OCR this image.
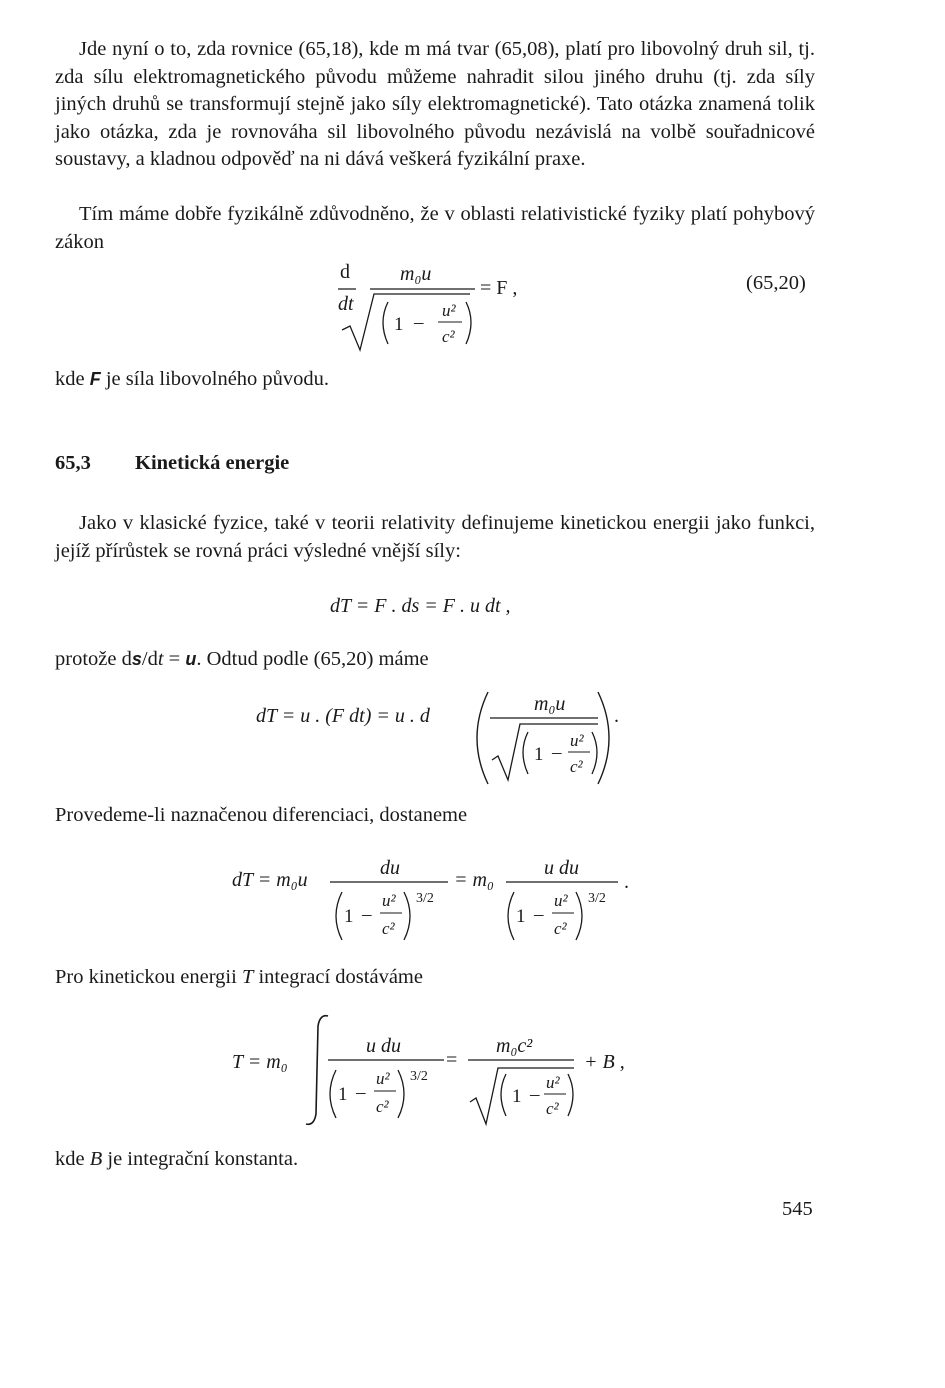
Jde nyní o to, zda rovnice (65,18), kde m má tvar (65,08), platí pro libovolný druh sil, tj. zda sílu elektromagnetického původu můžeme nahradit silou jiného druhu (tj. zda síly jiných druhů se transformují stejně jako síly elektromagnetické). Tato otázka znamená tolik jako otázka, zda je rovnováha sil libovolného původu nezávislá na volbě souřadnicové soustavy, a kladnou odpověď na ni dává veškerá fyzikální praxe.

Tím máme dobře fyzikálně zdůvodněno, že v oblasti relativistické fyziky platí pohybový zákon

d
dt
m₀u
1 –
u²
c²
= F ,	(65,20)

kde F je síla libovolného původu.

65,3 Kinetická energie

Jako v klasické fyzice, také v teorii relativity definujeme kinetickou energii jako funkci, jejíž přírůstek se rovná práci výsledné vnější síly:

dT = F . ds = F . u dt ,

protože ds/dt = u. Odtud podle (65,20) máme

dT = u . (F dt) = u . d
m₀u
1 –
u²
c²
.

Provedeme-li naznačenou diferenciaci, dostaneme

dT = m₀u
du
1 –
u²
c²
3/2
= m₀
u du
1 –
u²
c²
3/2
.

Pro kinetickou energii T integrací dostáváme

T = m₀
u du
1 –
u²
c²
3/2
=
m₀c²
1 –
u²
c²
+ B ,

kde B je integrační konstanta.

545
